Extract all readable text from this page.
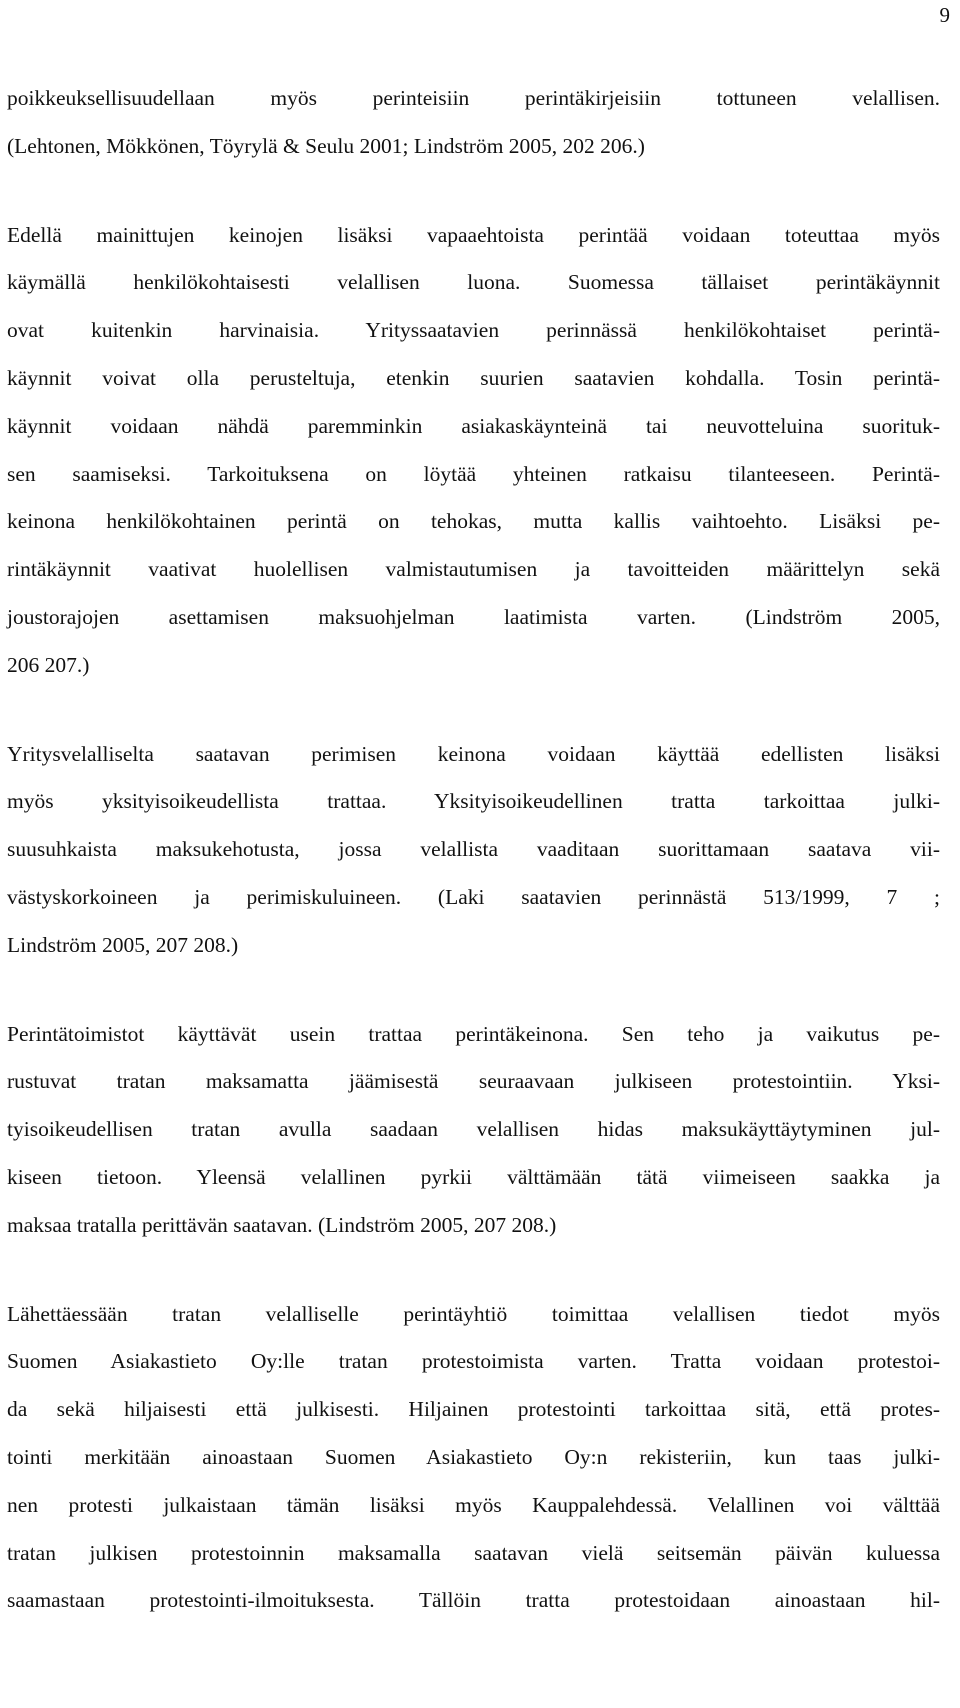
9

poikkeuksellisuudellaan myös perinteisiin perintäkirjeisiin tottuneen velallisen.
(Lehtonen, Mökkönen, Töyrylä & Seulu 2001; Lindström 2005, 202 206.)

Edellä mainittujen keinojen lisäksi vapaaehtoista perintää voidaan toteuttaa myös
käymällä henkilökohtaisesti velallisen luona. Suomessa tällaiset perintäkäynnit
ovat kuitenkin harvinaisia. Yrityssaatavien perinnässä henkilökohtaiset perintä-
käynnit voivat olla perusteltuja, etenkin suurien saatavien kohdalla. Tosin perintä-
käynnit voidaan nähdä paremminkin asiakaskäynteinä tai neuvotteluina suorituk-
sen saamiseksi. Tarkoituksena on löytää yhteinen ratkaisu tilanteeseen. Perintä-
keinona henkilökohtainen perintä on tehokas, mutta kallis vaihtoehto. Lisäksi pe-
rintäkäynnit vaativat huolellisen valmistautumisen ja tavoitteiden määrittelyn sekä
joustorajojen asettamisen maksuohjelman laatimista varten. (Lindström 2005,
206 207.)

Yritysvelalliselta saatavan perimisen keinona voidaan käyttää edellisten lisäksi
myös yksityisoikeudellista trattaa. Yksityisoikeudellinen tratta tarkoittaa julki-
suusuhkaista maksukehotusta, jossa velallista vaaditaan suorittamaan saatava vii-
västyskorkoineen ja perimiskuluineen. (Laki saatavien perinnästä 513/1999, 7 ;
Lindström 2005, 207 208.)

Perintätoimistot käyttävät usein trattaa perintäkeinona. Sen teho ja vaikutus pe-
rustuvat tratan maksamatta jäämisestä seuraavaan julkiseen protestointiin. Yksi-
tyisoikeudellisen tratan avulla saadaan velallisen hidas maksukäyttäytyminen jul-
kiseen tietoon. Yleensä velallinen pyrkii välttämään tätä viimeiseen saakka ja
maksaa tratalla perittävän saatavan. (Lindström 2005, 207 208.)

Lähettäessään tratan velalliselle perintäyhtiö toimittaa velallisen tiedot myös
Suomen Asiakastieto Oy:lle tratan protestoimista varten. Tratta voidaan protestoi-
da sekä hiljaisesti että julkisesti. Hiljainen protestointi tarkoittaa sitä, että protes-
tointi merkitään ainoastaan Suomen Asiakastieto Oy:n rekisteriin, kun taas julki-
nen protesti julkaistaan tämän lisäksi myös Kauppalehdessä. Velallinen voi välttää
tratan julkisen protestoinnin maksamalla saatavan vielä seitsemän päivän kuluessa
saamastaan protestointi-ilmoituksesta. Tällöin tratta protestoidaan ainoastaan hil-
